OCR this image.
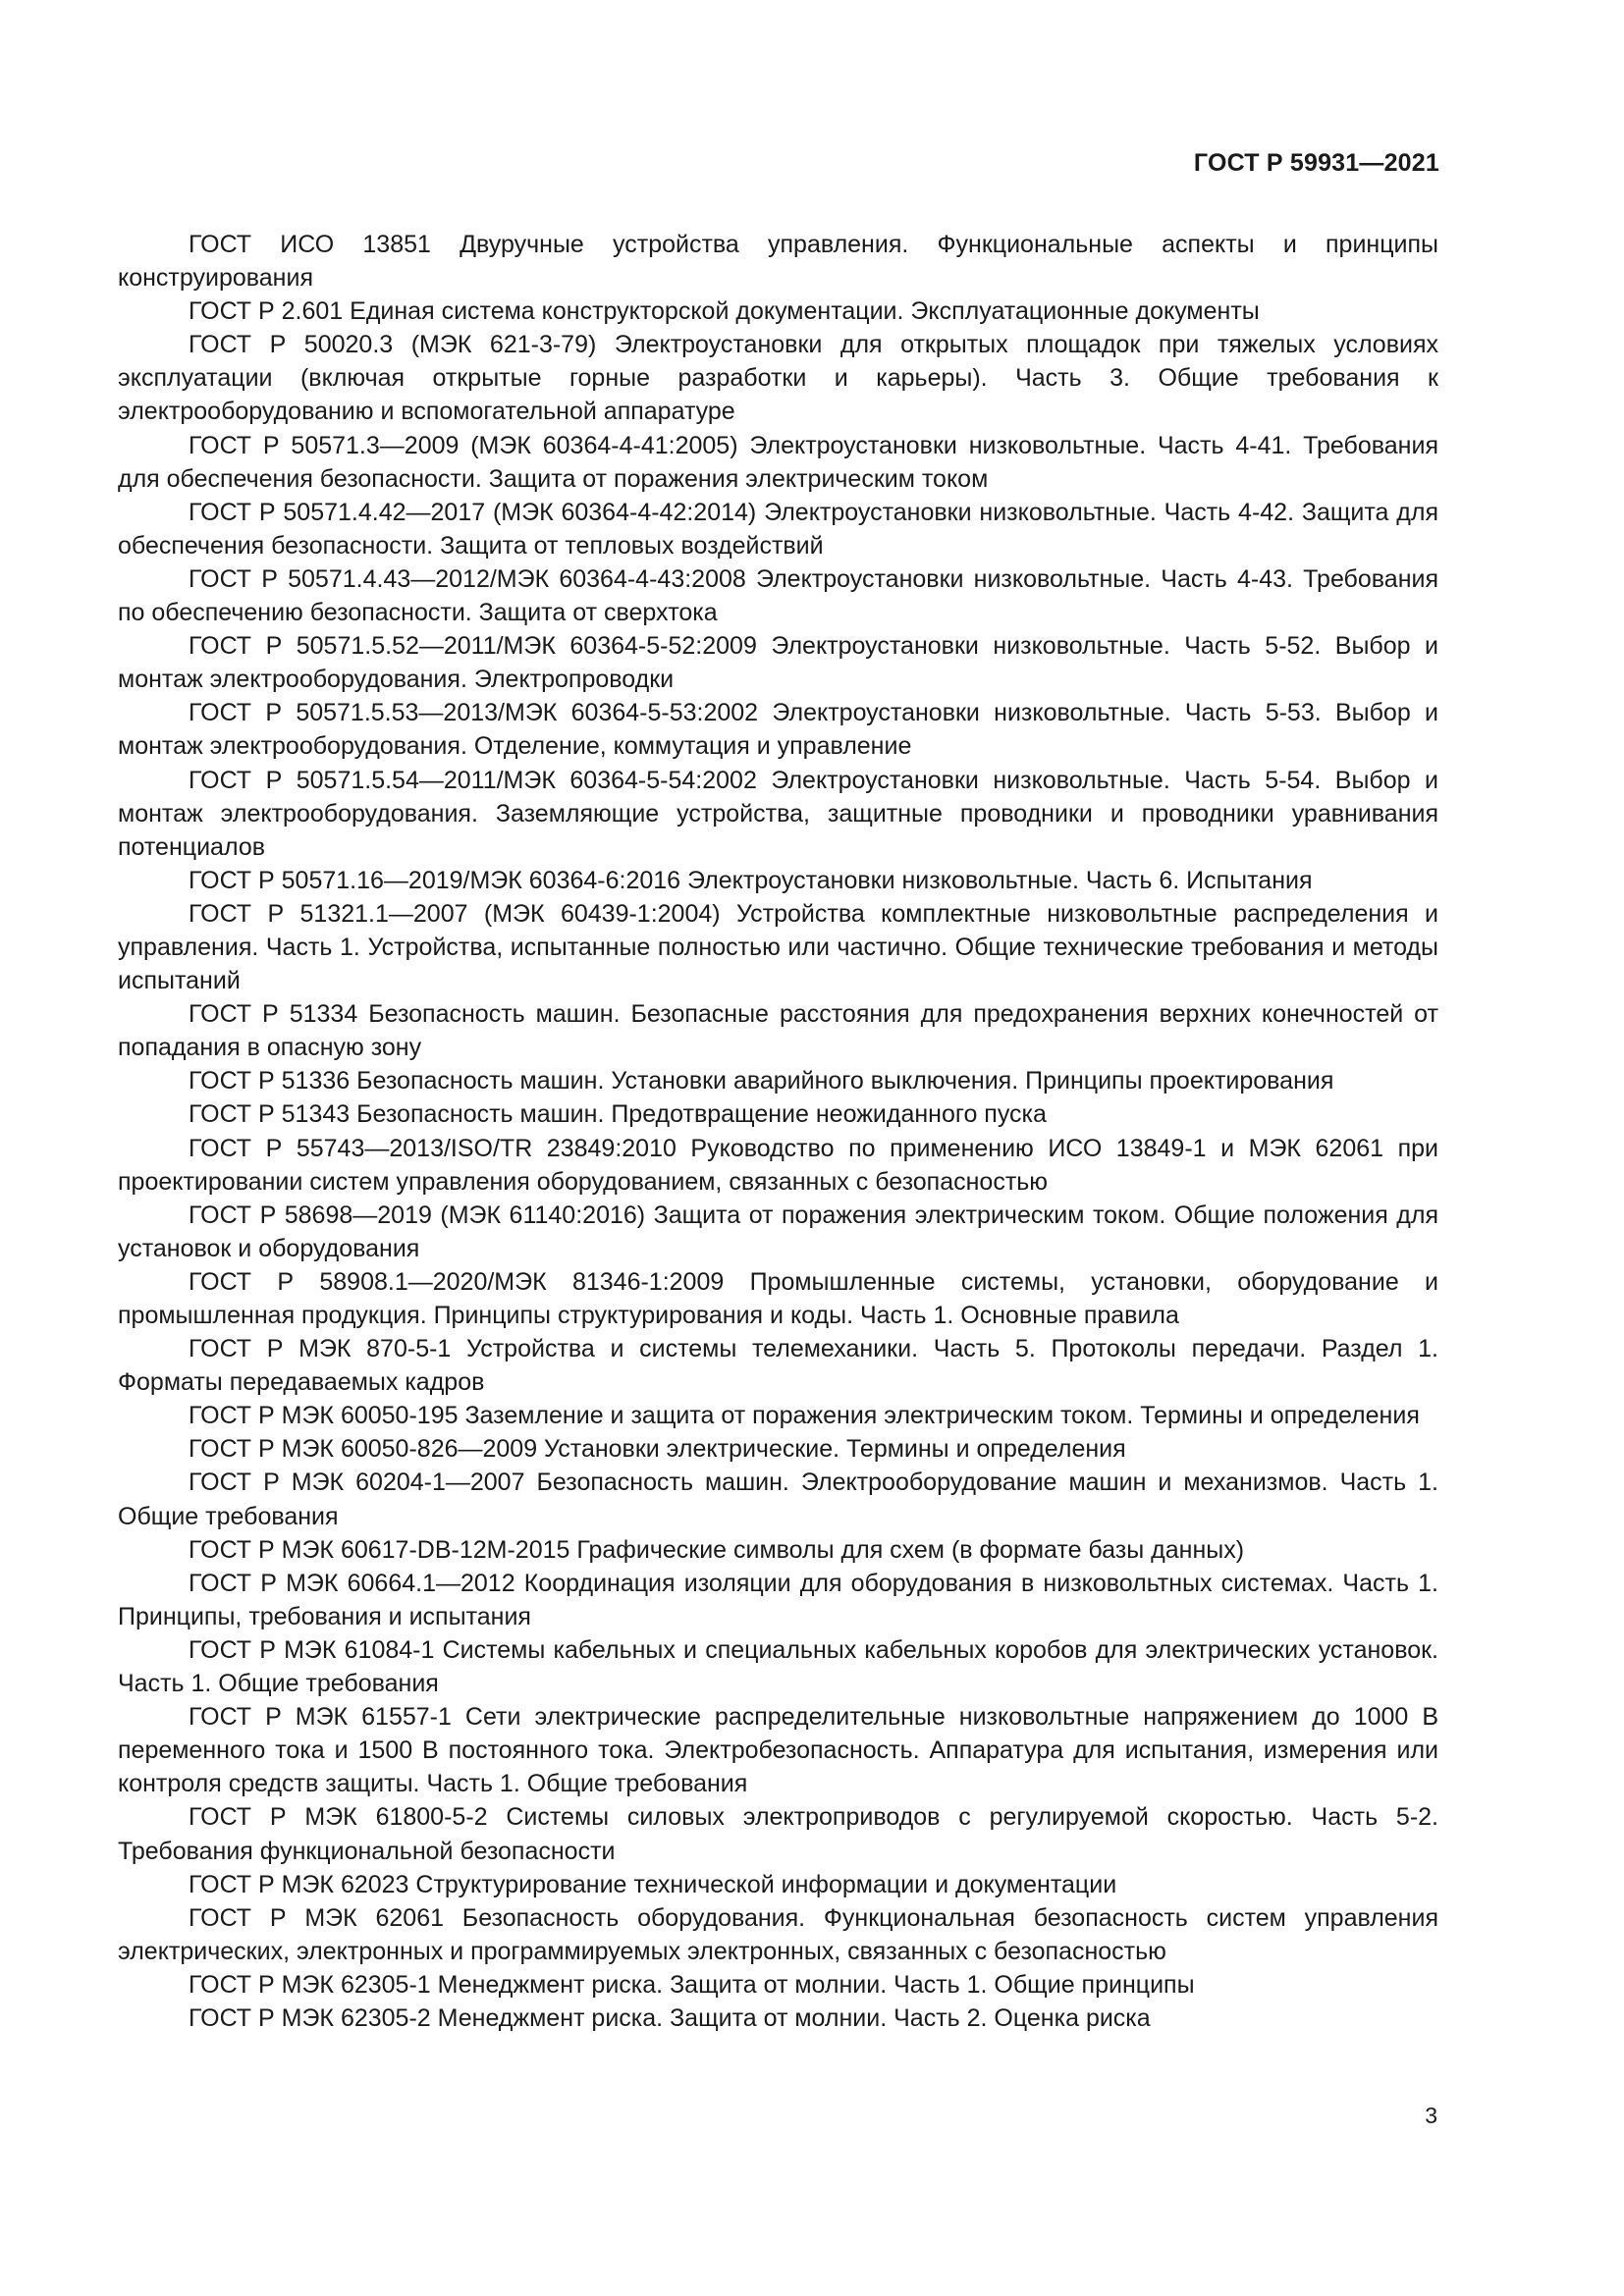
ГОСТ Р 59931—2021

ГОСТ ИСО 13851 Двуручные устройства управления. Функциональные аспекты и принципы конструирования

ГОСТ Р 2.601 Единая система конструкторской документации. Эксплуатационные документы

ГОСТ Р 50020.3 (МЭК 621-3-79) Электроустановки для открытых площадок при тяжелых условиях эксплуатации (включая открытые горные разработки и карьеры). Часть 3. Общие требования к электрооборудованию и вспомогательной аппаратуре

ГОСТ Р 50571.3—2009 (МЭК 60364-4-41:2005) Электроустановки низковольтные. Часть 4-41. Требования для обеспечения безопасности. Защита от поражения электрическим током

ГОСТ Р 50571.4.42—2017 (МЭК 60364-4-42:2014) Электроустановки низковольтные. Часть 4-42. Защита для обеспечения безопасности. Защита от тепловых воздействий

ГОСТ Р 50571.4.43—2012/МЭК 60364-4-43:2008 Электроустановки низковольтные. Часть 4-43. Требования по обеспечению безопасности. Защита от сверхтока

ГОСТ Р 50571.5.52—2011/МЭК 60364-5-52:2009 Электроустановки низковольтные. Часть 5-52. Выбор и монтаж электрооборудования. Электропроводки

ГОСТ Р 50571.5.53—2013/МЭК 60364-5-53:2002 Электроустановки низковольтные. Часть 5-53. Выбор и монтаж электрооборудования. Отделение, коммутация и управление

ГОСТ Р 50571.5.54—2011/МЭК 60364-5-54:2002 Электроустановки низковольтные. Часть 5-54. Выбор и монтаж электрооборудования. Заземляющие устройства, защитные проводники и проводники уравнивания потенциалов

ГОСТ Р 50571.16—2019/МЭК 60364-6:2016 Электроустановки низковольтные. Часть 6. Испытания

ГОСТ Р 51321.1—2007 (МЭК 60439-1:2004) Устройства комплектные низковольтные распределения и управления. Часть 1. Устройства, испытанные полностью или частично. Общие технические требования и методы испытаний

ГОСТ Р 51334 Безопасность машин. Безопасные расстояния для предохранения верхних конечностей от попадания в опасную зону

ГОСТ Р 51336 Безопасность машин. Установки аварийного выключения. Принципы проектирования

ГОСТ Р 51343 Безопасность машин. Предотвращение неожиданного пуска

ГОСТ Р 55743—2013/ISO/TR 23849:2010 Руководство по применению ИСО 13849-1 и МЭК 62061 при проектировании систем управления оборудованием, связанных с безопасностью

ГОСТ Р 58698—2019 (МЭК 61140:2016) Защита от поражения электрическим током. Общие положения для установок и оборудования

ГОСТ Р 58908.1—2020/МЭК 81346-1:2009 Промышленные системы, установки, оборудование и промышленная продукция. Принципы структурирования и коды. Часть 1. Основные правила

ГОСТ Р МЭК 870-5-1 Устройства и системы телемеханики. Часть 5. Протоколы передачи. Раздел 1. Форматы передаваемых кадров

ГОСТ Р МЭК 60050-195 Заземление и защита от поражения электрическим током. Термины и определения

ГОСТ Р МЭК 60050-826—2009 Установки электрические. Термины и определения

ГОСТ Р МЭК 60204-1—2007 Безопасность машин. Электрооборудование машин и механизмов. Часть 1. Общие требования

ГОСТ Р МЭК 60617-DB-12M-2015 Графические символы для схем (в формате базы данных)

ГОСТ Р МЭК 60664.1—2012 Координация изоляции для оборудования в низковольтных системах. Часть 1. Принципы, требования и испытания

ГОСТ Р МЭК 61084-1 Системы кабельных и специальных кабельных коробов для электрических установок. Часть 1. Общие требования

ГОСТ Р МЭК 61557-1 Сети электрические распределительные низковольтные напряжением до 1000 В переменного тока и 1500 В постоянного тока. Электробезопасность. Аппаратура для испытания, измерения или контроля средств защиты. Часть 1. Общие требования

ГОСТ Р МЭК 61800-5-2 Системы силовых электроприводов с регулируемой скоростью. Часть 5-2. Требования функциональной безопасности

ГОСТ Р МЭК 62023 Структурирование технической информации и документации

ГОСТ Р МЭК 62061 Безопасность оборудования. Функциональная безопасность систем управления электрических, электронных и программируемых электронных, связанных с безопасностью

ГОСТ Р МЭК 62305-1 Менеджмент риска. Защита от молнии. Часть 1. Общие принципы

ГОСТ Р МЭК 62305-2 Менеджмент риска. Защита от молнии. Часть 2. Оценка риска

3
